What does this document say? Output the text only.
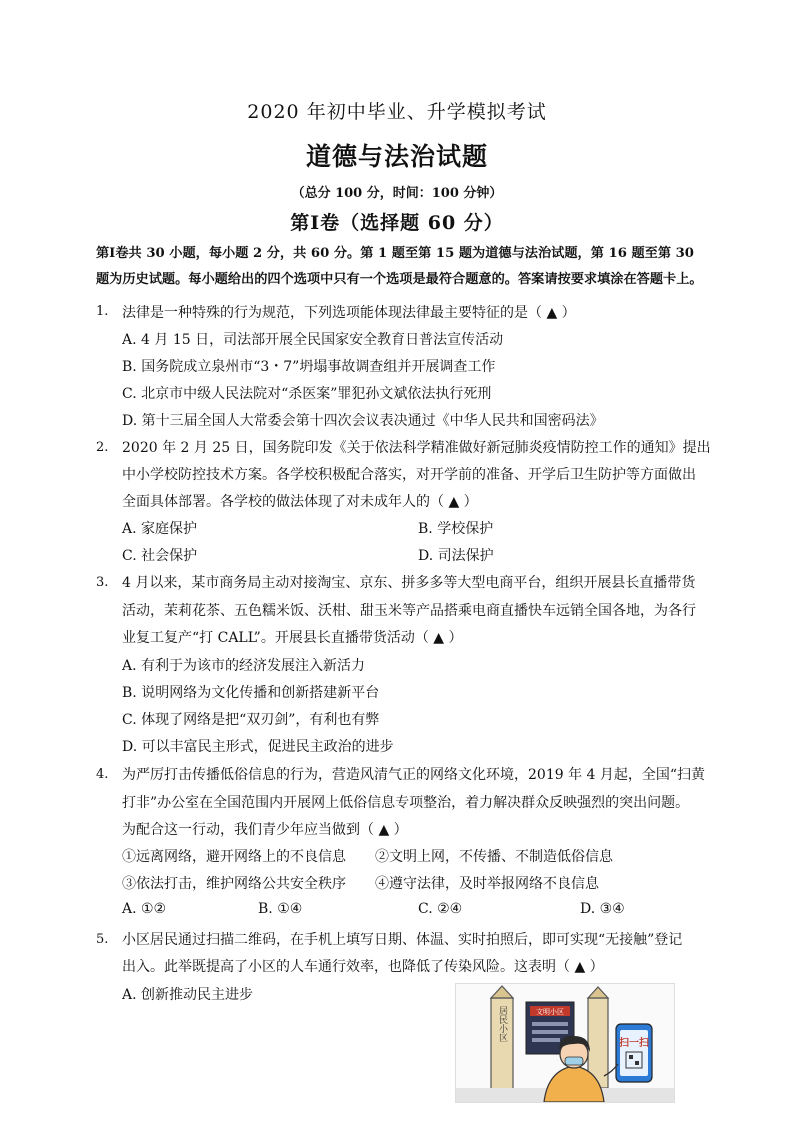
2020 年初中毕业、升学模拟考试
道德与法治试题
（总分 100 分，时间：100 分钟）
第Ⅰ卷（选择题 60 分）
第Ⅰ卷共 30 小题，每小题 2 分，共 60 分。第 1 题至第 15 题为道德与法治试题，第 16 题至第 30 题为历史试题。每小题给出的四个选项中只有一个选项是最符合题意的。答案请按要求填涂在答题卡上。
1. 法律是一种特殊的行为规范，下列选项能体现法律最主要特征的是（ ▲ ）
A. 4 月 15 日，司法部开展全民国家安全教育日普法宣传活动
B. 国务院成立泉州市“3・7”坍塌事故调查组并开展调查工作
C. 北京市中级人民法院对“杀医案”罪犯孙文斌依法执行死刑
D. 第十三届全国人大常委会第十四次会议表决通过《中华人民共和国密码法》
2. 2020 年 2 月 25 日，国务院印发《关于依法科学精准做好新冠肺炎疫情防控工作的通知》提出
中小学校防控技术方案。各学校积极配合落实，对开学前的准备、开学后卫生防护等方面做出
全面具体部署。各学校的做法体现了对未成年人的（ ▲ ）
A. 家庭保护	B. 学校保护
C. 社会保护	D. 司法保护
3. 4 月以来，某市商务局主动对接淘宝、京东、拼多多等大型电商平台，组织开展县长直播带货
活动，茉莉花茶、五色糯米饭、沃柑、甜玉米等产品搭乘电商直播快车远销全国各地，为各行
业复工复产“打 CALL”。开展县长直播带货活动（ ▲ ）
A. 有利于为该市的经济发展注入新活力
B. 说明网络为文化传播和创新搭建新平台
C. 体现了网络是把“双刃剑”，有利也有弊
D. 可以丰富民主形式，促进民主政治的进步
4. 为严厉打击传播低俗信息的行为，营造风清气正的网络文化环境，2019 年 4 月起，全国“扫黄
打非”办公室在全国范围内开展网上低俗信息专项整治，着力解决群众反映强烈的突出问题。
为配合这一行动，我们青少年应当做到（ ▲ ）
①远离网络，避开网络上的不良信息 ②文明上网，不传播、不制造低俗信息
③依法打击，维护网络公共安全秩序 ④遵守法律，及时举报网络不良信息
A. ①②	B. ①④	C. ②④	D. ③④
5. 小区居民通过扫描二维码，在手机上填写日期、体温、实时拍照后，即可实现“无接触”登记
出入。此举既提高了小区的人车通行效率，也降低了传染风险。这表明（ ▲ ）
A. 创新推动民主进步
居民小区	文明小区
扫一扫
